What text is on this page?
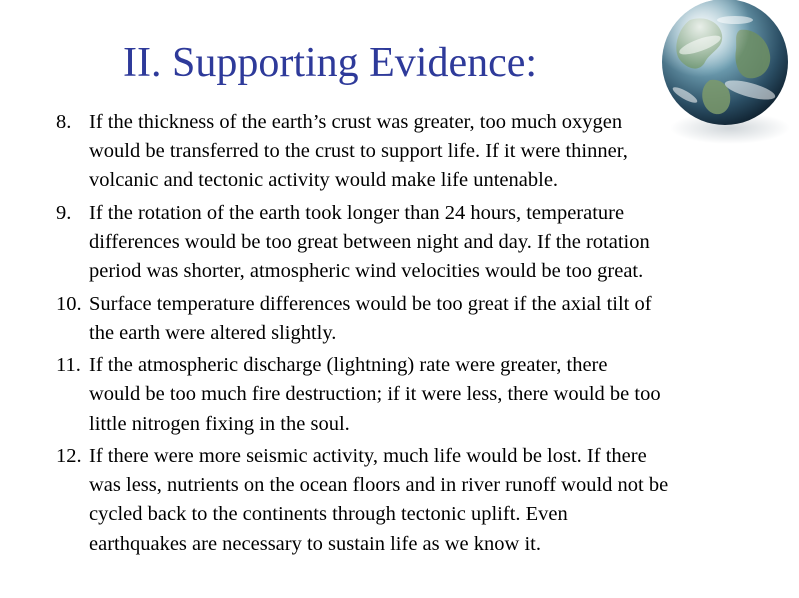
II. Supporting Evidence:
8. If the thickness of the earth’s crust was greater, too much oxygen
would be transferred to the crust to support life. If it were thinner,
volcanic and tectonic activity would make life untenable.
9. If the rotation of the earth took longer than 24 hours, temperature
differences would be too great between night and day. If the rotation
period was shorter, atmospheric wind velocities would be too great.
10. Surface temperature differences would be too great if the axial tilt of
the earth were altered slightly.
11. If the atmospheric discharge (lightning) rate were greater, there
would be too much fire destruction; if it were less, there would be too
little nitrogen fixing in the soul.
12. If there were more seismic activity, much life would be lost. If there
was less, nutrients on the ocean floors and in river runoff would not be
cycled back to the continents through tectonic uplift. Even
earthquakes are necessary to sustain life as we know it.
